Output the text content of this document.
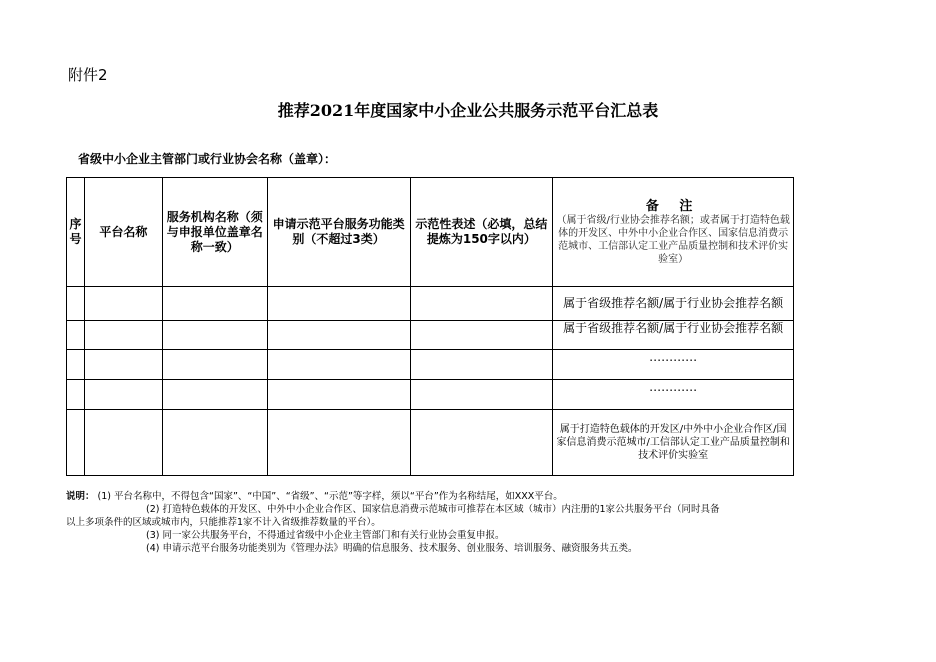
附件2
推荐2021年度国家中小企业公共服务示范平台汇总表
省级中小企业主管部门或行业协会名称（盖章）：
序号	平台名称	服务机构名称（须与申报单位盖章名称一致）	申请示范平台服务功能类别（不超过3类）	示范性表述（必填，总结提炼为150字以内）	备 注
（属于省级/行业协会推荐名额；或者属于打造特色载体的开发区、中外中小企业合作区、国家信息消费示范城市、工信部认定工业产品质量控制和技术评价实验室）

					属于省级推荐名额/属于行业协会推荐名额
					属于省级推荐名额/属于行业协会推荐名额
					…………
					…………
					属于打造特色载体的开发区/中外中小企业合作区/国家信息消费示范城市/工信部认定工业产品质量控制和技术评价实验室
说明： (1) 平台名称中，不得包含“国家”、“中国”、“省级”、“示范”等字样，须以“平台”作为名称结尾，如XXX平台。
(2) 打造特色载体的开发区、中外中小企业合作区、国家信息消费示范城市可推荐在本区域（城市）内注册的1家公共服务平台（同时具备
以上多项条件的区域或城市内，只能推荐1家不计入省级推荐数量的平台）。
(3) 同一家公共服务平台，不得通过省级中小企业主管部门和有关行业协会重复申报。
(4) 申请示范平台服务功能类别为《管理办法》明确的信息服务、技术服务、创业服务、培训服务、融资服务共五类。
